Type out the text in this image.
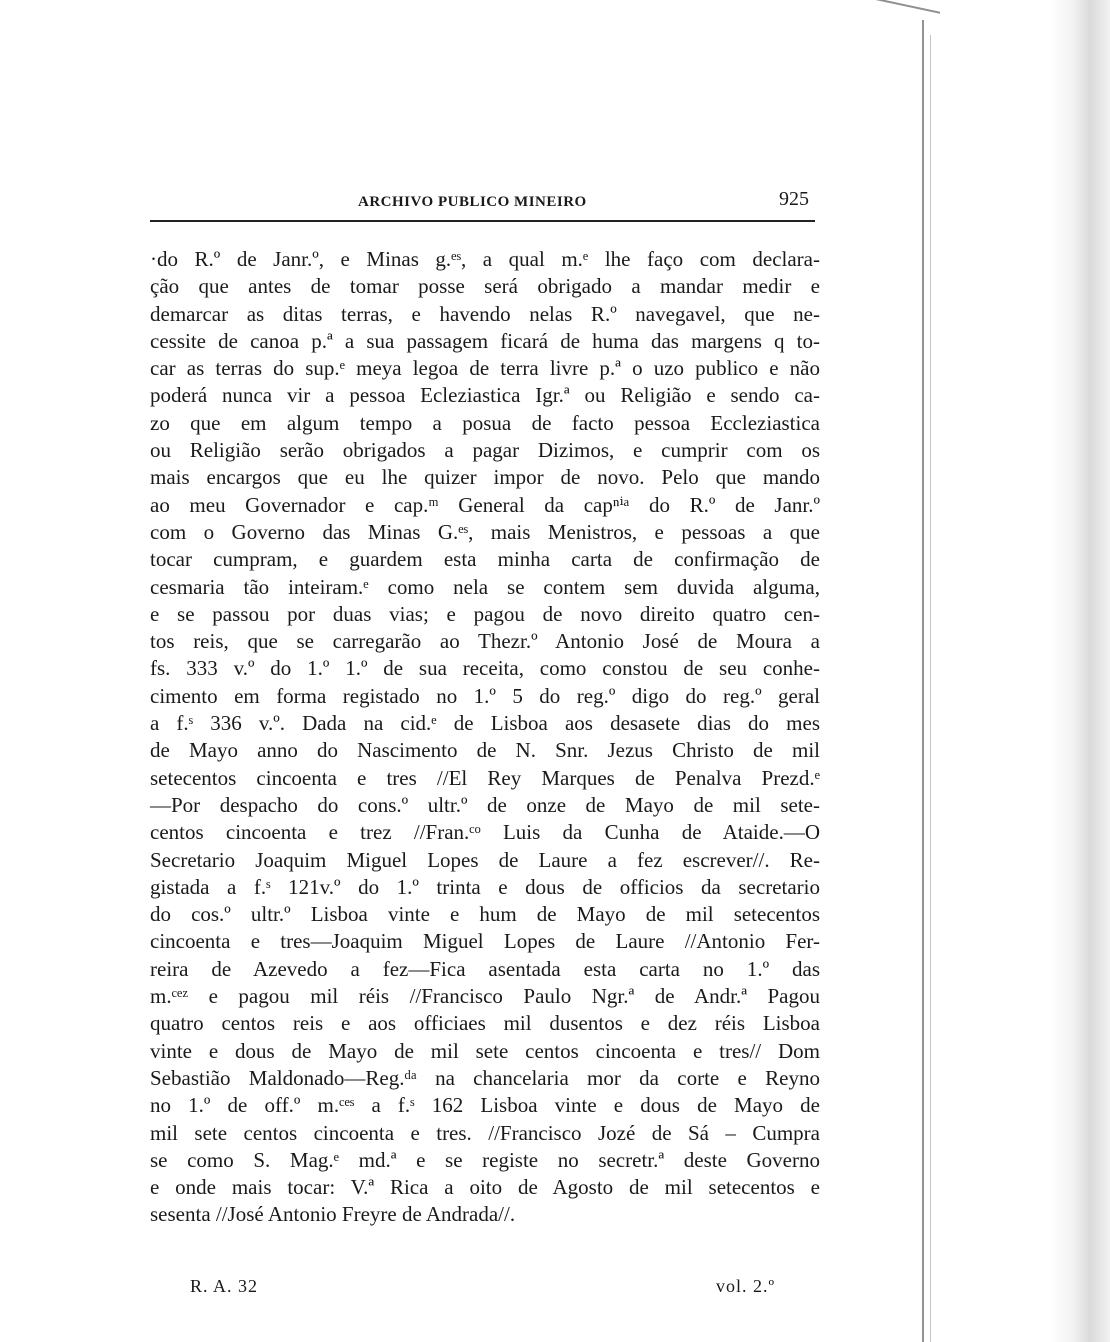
ARCHIVO PUBLICO MINEIRO	925
·do R.º de Janr.º, e Minas g.ᵉˢ, a qual m.ᵉ lhe faço com declara-
ção que antes de tomar posse será obrigado a mandar medir e
demarcar as ditas terras, e havendo nelas R.º navegavel, que ne-
cessite de canoa p.ª a sua passagem ficará de huma das margens q to-
car as terras do sup.ᵉ meya legoa de terra livre p.ª o uzo publico e não
poderá nunca vir a pessoa Ecleziastica Igr.ª ou Religião e sendo ca-
zo que em algum tempo a posua de facto pessoa Eccleziastica
ou Religião serão obrigados a pagar Dizimos, e cumprir com os
mais encargos que eu lhe quizer impor de novo. Pelo que mando
ao meu Governador e cap.ᵐ General da capⁿⁱᵃ do R.º de Janr.º
com o Governo das Minas G.ᵉˢ, mais Menistros, e pessoas a que
tocar cumpram, e guardem esta minha carta de confirmação de
cesmaria tão inteiram.ᵉ como nela se contem sem duvida alguma,
e se passou por duas vias; e pagou de novo direito quatro cen-
tos reis, que se carregarão ao Thezr.º Antonio José de Moura a
fs. 333 v.º do 1.º 1.º de sua receita, como constou de seu conhe-
cimento em forma registado no 1.º 5 do reg.º digo do reg.º geral
a f.ˢ 336 v.º. Dada na cid.ᵉ de Lisboa aos desasete dias do mes
de Mayo anno do Nascimento de N. Snr. Jezus Christo de mil
setecentos cincoenta e tres //El Rey Marques de Penalva Prezd.ᵉ
—Por despacho do cons.º ultr.º de onze de Mayo de mil sete-
centos cincoenta e trez //Fran.ᶜᵒ Luis da Cunha de Ataide.—O
Secretario Joaquim Miguel Lopes de Laure a fez escrever//. Re-
gistada a f.ˢ 121v.º do 1.º trinta e dous de officios da secretario
do cos.º ultr.º Lisboa vinte e hum de Mayo de mil setecentos
cincoenta e tres—Joaquim Miguel Lopes de Laure //Antonio Fer-
reira de Azevedo a fez—Fica asentada esta carta no 1.º das
m.ᶜᵉᶻ e pagou mil réis //Francisco Paulo Ngr.ª de Andr.ª Pagou
quatro centos reis e aos officiaes mil dusentos e dez réis Lisboa
vinte e dous de Mayo de mil sete centos cincoenta e tres// Dom
Sebastião Maldonado—Reg.ᵈᵃ na chancelaria mor da corte e Reyno
no 1.º de off.º m.ᶜᵉˢ a f.ˢ 162 Lisboa vinte e dous de Mayo de
mil sete centos cincoenta e tres. //Francisco Jozé de Sá – Cumpra
se como S. Mag.ᵉ md.ª e se registe no secretr.ª deste Governo
e onde mais tocar: V.ª Rica a oito de Agosto de mil setecentos e
sesenta //José Antonio Freyre de Andrada//.
R. A. 32	vol. 2.º
